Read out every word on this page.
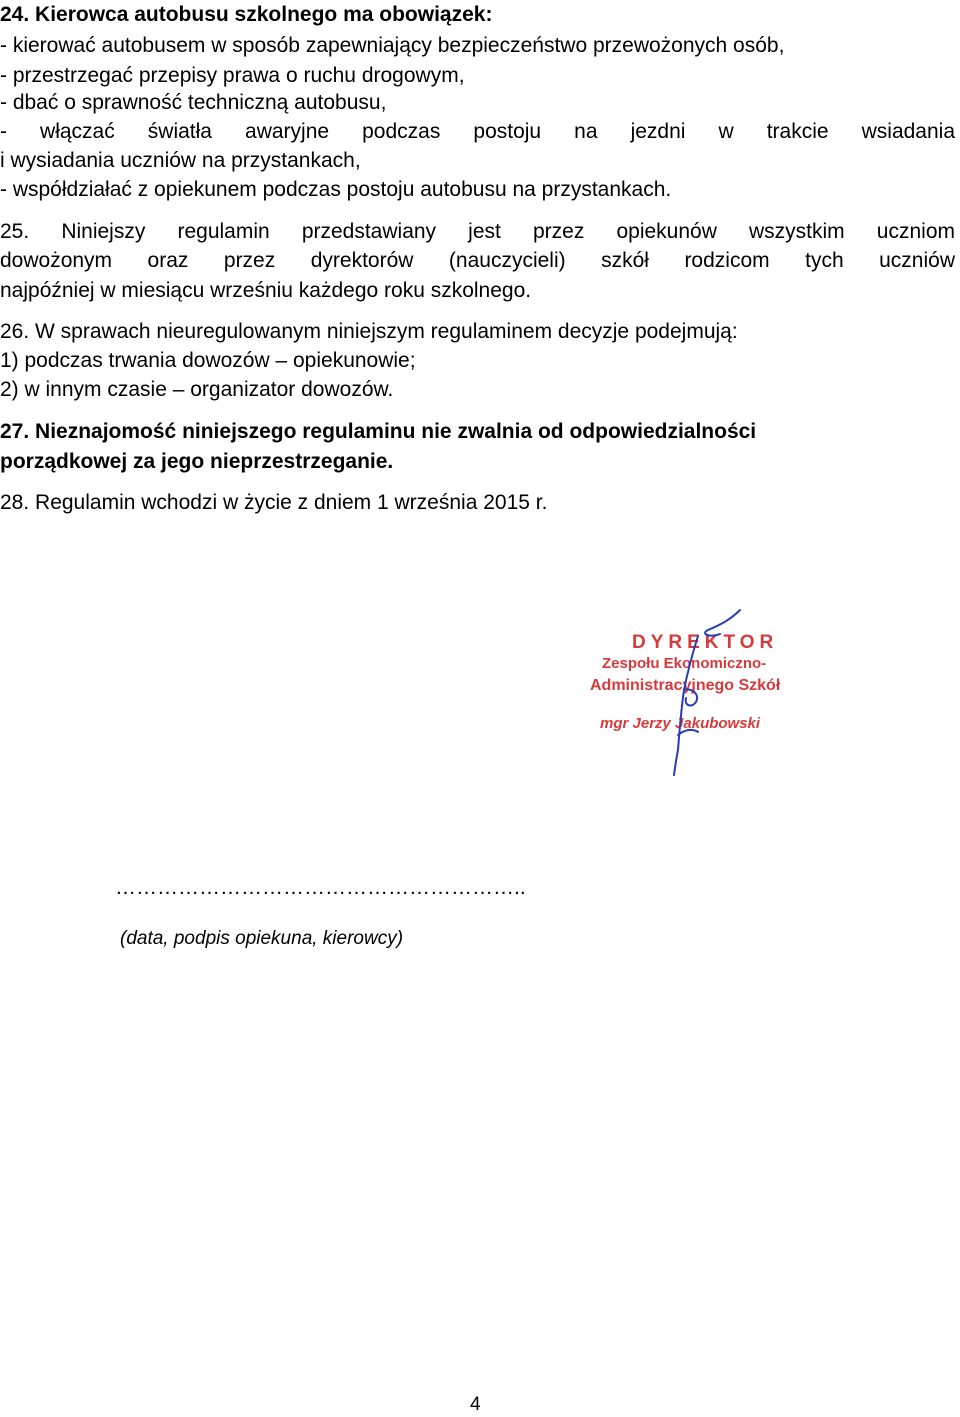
24. Kierowca autobusu szkolnego ma obowiązek:
- kierować autobusem w sposób zapewniający bezpieczeństwo przewożonych osób,
- przestrzegać przepisy prawa o ruchu drogowym,
- dbać o sprawność techniczną autobusu,
- włączać światła awaryjne podczas postoju na jezdni w trakcie wsiadania
i wysiadania uczniów na przystankach,
- współdziałać z opiekunem podczas postoju autobusu na przystankach.
25. Niniejszy regulamin przedstawiany jest przez opiekunów wszystkim uczniom
dowożonym oraz przez dyrektorów (nauczycieli) szkół rodzicom tych uczniów
najpóźniej w miesiącu wrześniu każdego roku szkolnego.
26. W sprawach nieuregulowanym niniejszym regulaminem decyzje podejmują:
1) podczas trwania dowozów – opiekunowie;
2) w innym czasie – organizator dowozów.
27. Nieznajomość niniejszego regulaminu nie zwalnia od odpowiedzialności
porządkowej za jego nieprzestrzeganie.
28. Regulamin wchodzi w życie z dniem 1 września 2015 r.
DYREKTOR
Zespołu Ekonomiczno-
Administracyjnego Szkół
mgr Jerzy Jakubowski
…………………………………………………..
(data, podpis opiekuna, kierowcy)
4
